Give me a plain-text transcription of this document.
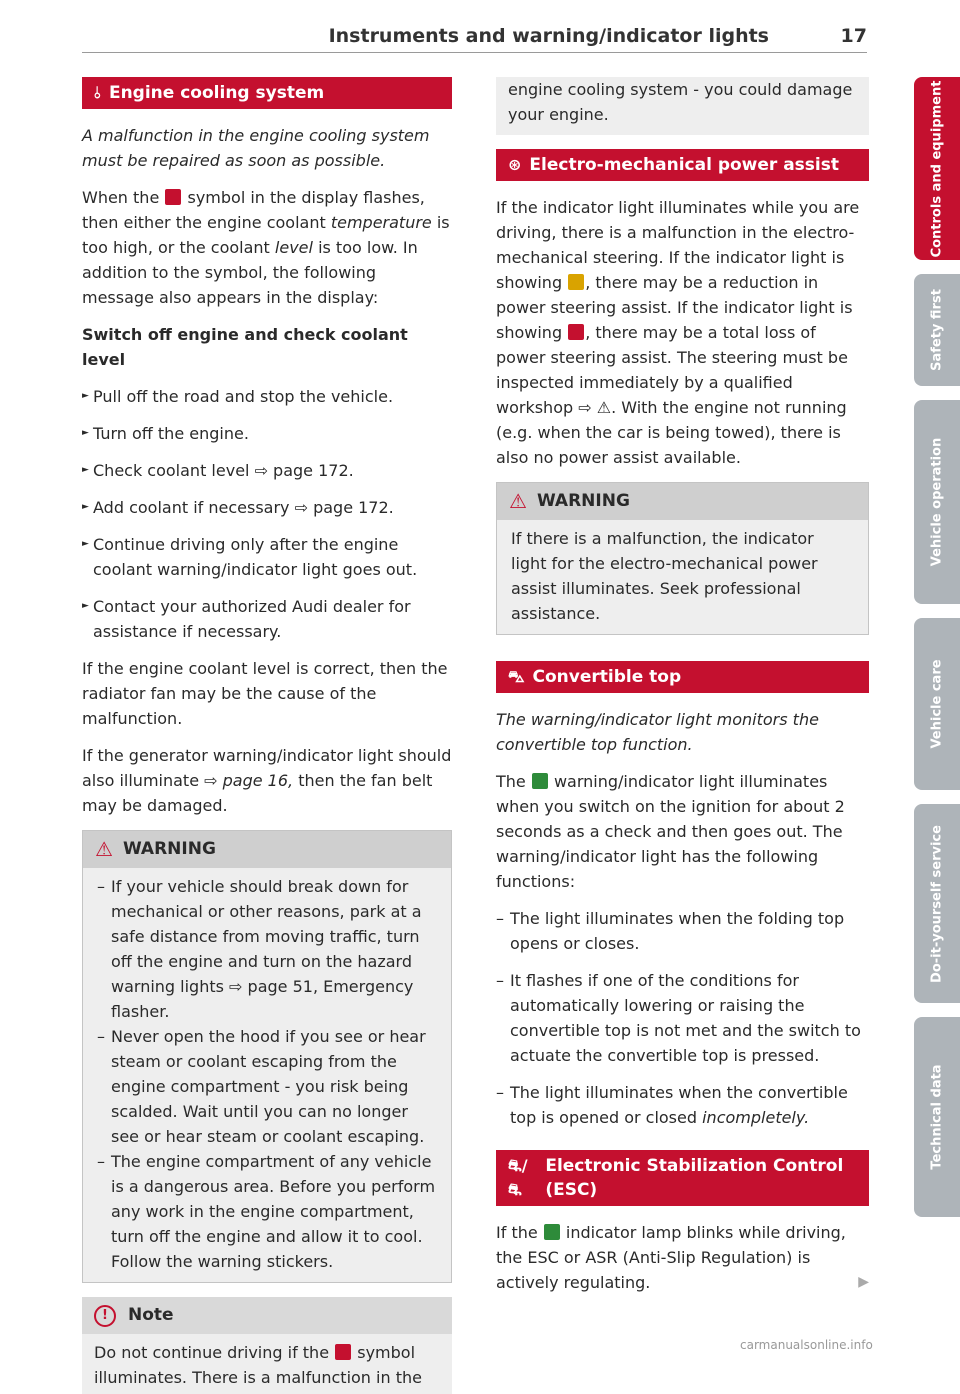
Instruments and warning/indicator lights	17
⫰ Engine cooling system

A malfunction in the engine cooling system must be repaired as soon as possible.

When the symbol in the display flashes, then either the engine coolant temperature is too high, or the coolant level is too low. In addition to the symbol, the following message also appears in the display:

Switch off engine and check coolant level

► Pull off the road and stop the vehicle.

► Turn off the engine.

► Check coolant level ⇨ page 172.

► Add coolant if necessary ⇨ page 172.

► Continue driving only after the engine coolant warning/indicator light goes out.

► Contact your authorized Audi dealer for assistance if necessary.

If the engine coolant level is correct, then the radiator fan may be the cause of the malfunction.

If the generator warning/indicator light should also illuminate ⇨ page 16, then the fan belt may be damaged.

⚠ WARNING

– If your vehicle should break down for mechanical or other reasons, park at a safe distance from moving traffic, turn off the engine and turn on the hazard warning lights ⇨ page 51, Emergency flasher.

– Never open the hood if you see or hear steam or coolant escaping from the engine compartment - you risk being scalded. Wait until you can no longer see or hear steam or coolant escaping.

– The engine compartment of any vehicle is a dangerous area. Before you perform any work in the engine compartment, turn off the engine and allow it to cool. Follow the warning stickers.

!	Note
Do not continue driving if the symbol illuminates. There is a malfunction in the
engine cooling system - you could damage your engine.
⊛ Electro-mechanical power assist

If the indicator light illuminates while you are driving, there is a malfunction in the electro-mechanical steering. If the indicator light is showing , there may be a reduction in power steering assist. If the indicator light is showing , there may be a total loss of power steering assist. The steering must be inspected immediately by a qualified workshop ⇨ ⚠. With the engine not running (e.g. when the car is being towed), there is also no power assist available.

⚠ WARNING

If there is a malfunction, the indicator light for the electro-mechanical power assist illuminates. Seek professional assistance.

⛍ Convertible top

The warning/indicator light monitors the convertible top function.

The warning/indicator light illuminates when you switch on the ignition for about 2 seconds as a check and then goes out. The warning/indicator light has the following functions:

– The light illuminates when the folding top opens or closes.

– It flashes if one of the conditions for automatically lowering or raising the convertible top is not met and the switch to actuate the convertible top is pressed.

– The light illuminates when the convertible top is opened or closed incompletely.

⛐/⛐
Electronic Stabilization Control (ESC)

If the indicator lamp blinks while driving, the ESC or ASR (Anti-Slip Regulation) is actively regulating.	▶

Controls and equipment
Safety first
Vehicle operation
Vehicle care
Do-it-yourself service
Technical data
carmanualsonline.info
